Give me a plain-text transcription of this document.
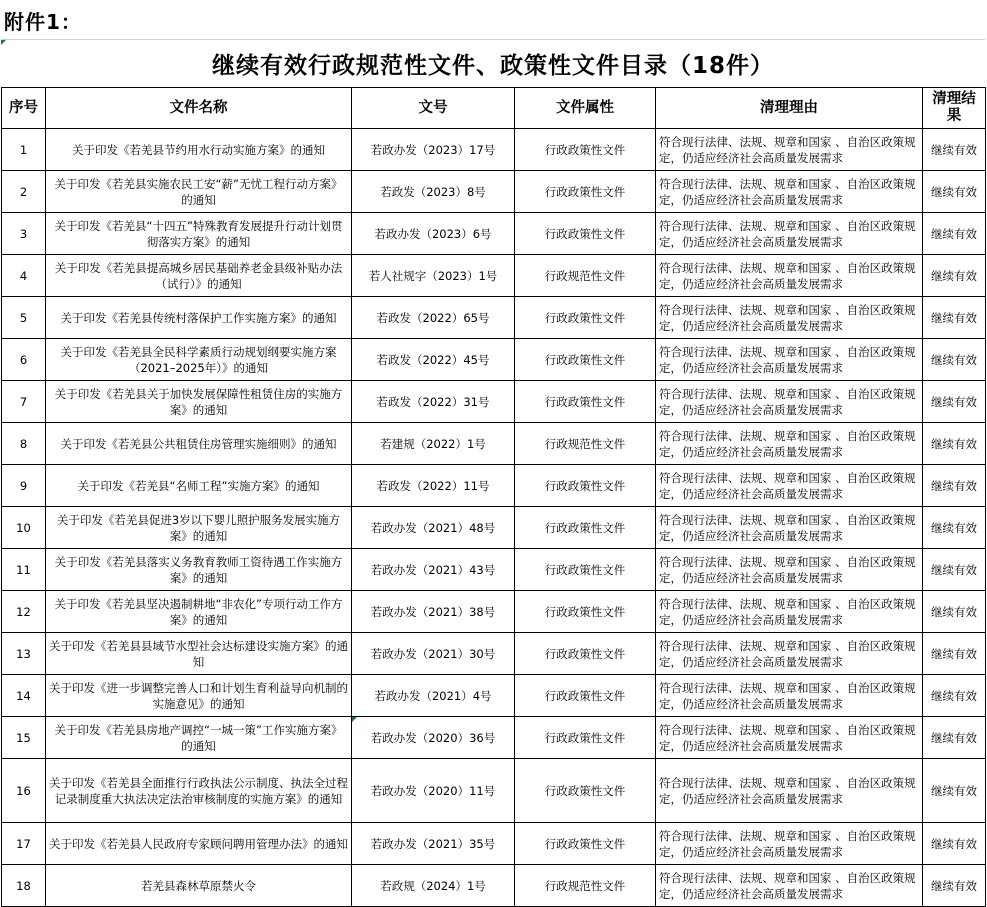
附件1：
继续有效行政规范性文件、政策性文件目录（18件）
序号	文件名称	文号	文件属性	清理理由	清理结果
1	关于印发《若羌县节约用水行动实施方案》的通知	若政办发（2023）17号	行政政策性文件	符合现行法律、法规、规章和国家 、自治区政策规定，仍适应经济社会高质量发展需求	继续有效
2	关于印发《若羌县实施农民工安“薪”无忧工程行动方案》的通知	若政发（2023）8号	行政政策性文件	符合现行法律、法规、规章和国家 、自治区政策规定，仍适应经济社会高质量发展需求	继续有效
3	关于印发《若羌县“十四五”特殊教育发展提升行动计划贯彻落实方案》的通知	若政办发（2023）6号	行政政策性文件	符合现行法律、法规、规章和国家 、自治区政策规定，仍适应经济社会高质量发展需求	继续有效
4	关于印发《若羌县提高城乡居民基础养老金县级补贴办法（试行）》的通知	若人社规字（2023）1号	行政规范性文件	符合现行法律、法规、规章和国家 、自治区政策规定，仍适应经济社会高质量发展需求	继续有效
5	关于印发《若羌县传统村落保护工作实施方案》的通知	若政发（2022）65号	行政政策性文件	符合现行法律、法规、规章和国家 、自治区政策规定，仍适应经济社会高质量发展需求	继续有效
6	关于印发《若羌县全民科学素质行动规划纲要实施方案（2021–2025年）》的通知	若政发（2022）45号	行政政策性文件	符合现行法律、法规、规章和国家 、自治区政策规定，仍适应经济社会高质量发展需求	继续有效
7	关于印发《若羌县关于加快发展保障性租赁住房的实施方案》的通知	若政发（2022）31号	行政政策性文件	符合现行法律、法规、规章和国家 、自治区政策规定，仍适应经济社会高质量发展需求	继续有效
8	关于印发《若羌县公共租赁住房管理实施细则》的通知	若建规（2022）1号	行政规范性文件	符合现行法律、法规、规章和国家 、自治区政策规定，仍适应经济社会高质量发展需求	继续有效
9	关于印发《若羌县“名师工程”实施方案》的通知	若政发（2022）11号	行政政策性文件	符合现行法律、法规、规章和国家 、自治区政策规定，仍适应经济社会高质量发展需求	继续有效
10	关于印发《若羌县促进3岁以下婴儿照护服务发展实施方案》的通知	若政办发（2021）48号	行政政策性文件	符合现行法律、法规、规章和国家 、自治区政策规定，仍适应经济社会高质量发展需求	继续有效
11	关于印发《若羌县落实义务教育教师工资待遇工作实施方案》的通知	若政办发（2021）43号	行政政策性文件	符合现行法律、法规、规章和国家 、自治区政策规定，仍适应经济社会高质量发展需求	继续有效
12	关于印发《若羌县坚决遏制耕地“非农化”专项行动工作方案》的通知	若政办发（2021）38号	行政政策性文件	符合现行法律、法规、规章和国家 、自治区政策规定，仍适应经济社会高质量发展需求	继续有效
13	关于印发《若羌县县域节水型社会达标建设实施方案》的通知	若政办发（2021）30号	行政政策性文件	符合现行法律、法规、规章和国家 、自治区政策规定，仍适应经济社会高质量发展需求	继续有效
14	关于印发《进一步调整完善人口和计划生育利益导向机制的实施意见》的通知	若政办发（2021）4号	行政政策性文件	符合现行法律、法规、规章和国家 、自治区政策规定，仍适应经济社会高质量发展需求	继续有效
15	关于印发《若羌县房地产调控“一城一策”工作实施方案》的通知	若政办发（2020）36号	行政政策性文件	符合现行法律、法规、规章和国家 、自治区政策规定，仍适应经济社会高质量发展需求	继续有效
16	关于印发《若羌县全面推行行政执法公示制度、执法全过程记录制度重大执法决定法治审核制度的实施方案》的通知	若政办发（2020）11号	行政政策性文件	符合现行法律、法规、规章和国家 、自治区政策规定，仍适应经济社会高质量发展需求	继续有效
17	关于印发《若羌县人民政府专家顾问聘用管理办法》的通知	若政办发（2021）35号	行政政策性文件	符合现行法律、法规、规章和国家 、自治区政策规定，仍适应经济社会高质量发展需求	继续有效
18	若羌县森林草原禁火令	若政规（2024）1号	行政规范性文件	符合现行法律、法规、规章和国家 、自治区政策规定，仍适应经济社会高质量发展需求	继续有效
